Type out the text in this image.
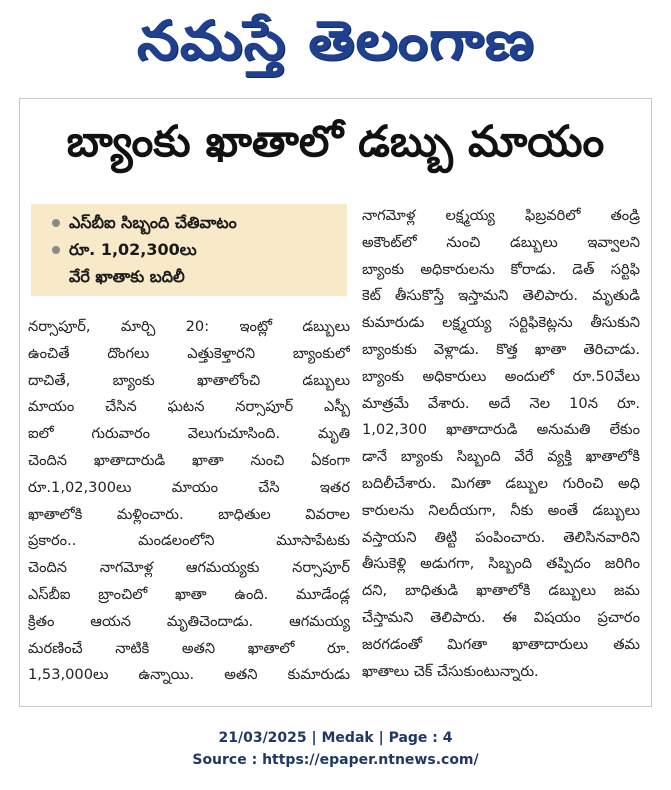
నమస్తే తెలంగాణ
బ్యాంకు ఖాతాలో డబ్బు మాయం
ఎస్‌బీఐ సిబ్బంది చేతివాటం
రూ. 1,02,300లు
వేరే ఖాతాకు బదిలీ
నర్సాపూర్, మార్చి 20: ఇంట్లో డబ్బులు
ఉంచితే దొంగలు ఎత్తుకెళ్తారని బ్యాంకులో
దాచితే, బ్యాంకు ఖాతాలోంచి డబ్బులు
మాయం చేసిన ఘటన నర్సాపూర్ ఎస్బీ
ఐలో గురువారం వెలుగుచూసింది. మృతి
చెందిన ఖాతాదారుడి ఖాతా నుంచి ఏకంగా
రూ.1,02,300లు మాయం చేసి ఇతర
ఖాతాలోకి మళ్లించారు. బాధితుల వివరాల
ప్రకారం.. మండలంలోని మూసాపేటకు
చెందిన నాగమోళ్ల ఆగమయ్యకు నర్సాపూర్
ఎస్‌బీఐ బ్రాంచిలో ఖాతా ఉంది. మూడేండ్ల
క్రితం ఆయన మృతిచెందాడు. ఆగమయ్య
మరణించే నాటికి అతని ఖాతాలో రూ.
1,53,000లు ఉన్నాయి. అతని కుమారుడు
నాగమోళ్ల లక్ష్మయ్య ఫిబ్రవరిలో తండ్రి
అకౌంట్‌లో నుంచి డబ్బులు ఇవ్వాలని
బ్యాంకు అధికారులను కోరాడు. డెత్ సర్టిఫి
కెట్ తీసుకొస్తే ఇస్తామని తెలిపారు. మృతుడి
కుమారుడు లక్ష్మయ్య సర్టిఫికెట్లను తీసుకుని
బ్యాంకుకు వెళ్లాడు. కొత్త ఖాతా తెరిచాడు.
బ్యాంకు అధికారులు అందులో రూ.50వేలు
మాత్రమే వేశారు. అదే నెల 10న రూ.
1,02,300 ఖాతాదారుడి అనుమతి లేకుం
డానే బ్యాంకు సిబ్బంది వేరే వ్యక్తి ఖాతాలోకి
బదిలీచేశారు. మిగతా డబ్బుల గురించి అధి
కారులను నిలదీయగా, నీకు అంతే డబ్బులు
వస్తాయని తిట్టి పంపించారు. తెలిసినవారిని
తీసుకెళ్లి అడుగగా, సిబ్బంది తప్పిదం జరిగిం
దని, బాధితుడి ఖాతాలోకి డబ్బులు జమ
చేస్తామని తెలిపారు. ఈ విషయం ప్రచారం
జరగడంతో మిగతా ఖాతాదారులు తమ
ఖాతాలు చెక్ చేసుకుంటున్నారు.
21/03/2025 | Medak | Page : 4
Source : https://epaper.ntnews.com/
